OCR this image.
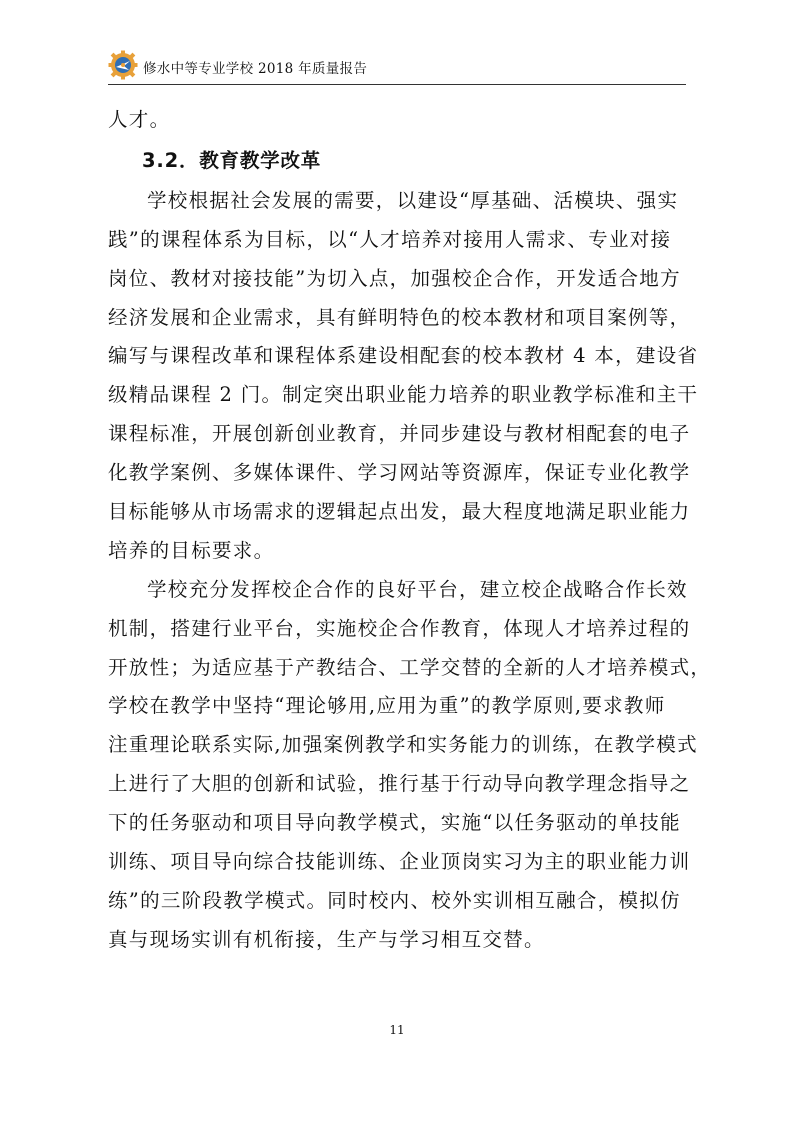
修水中等专业学校 2018 年质量报告
人才。
3.2．教育教学改革
学校根据社会发展的需要，以建设“厚基础、活模块、强实
践”的课程体系为目标，以“人才培养对接用人需求、专业对接
岗位、教材对接技能”为切入点，加强校企合作，开发适合地方
经济发展和企业需求，具有鲜明特色的校本教材和项目案例等，
编写与课程改革和课程体系建设相配套的校本教材 4 本，建设省
级精品课程 2 门。制定突出职业能力培养的职业教学标准和主干
课程标准，开展创新创业教育，并同步建设与教材相配套的电子
化教学案例、多媒体课件、学习网站等资源库，保证专业化教学
目标能够从市场需求的逻辑起点出发，最大程度地满足职业能力
培养的目标要求。
学校充分发挥校企合作的良好平台，建立校企战略合作长效
机制，搭建行业平台，实施校企合作教育，体现人才培养过程的
开放性；为适应基于产教结合、工学交替的全新的人才培养模式，
学校在教学中坚持“理论够用,应用为重”的教学原则,要求教师
注重理论联系实际,加强案例教学和实务能力的训练，在教学模式
上进行了大胆的创新和试验，推行基于行动导向教学理念指导之
下的任务驱动和项目导向教学模式，实施“以任务驱动的单技能
训练、项目导向综合技能训练、企业顶岗实习为主的职业能力训
练”的三阶段教学模式。同时校内、校外实训相互融合，模拟仿
真与现场实训有机衔接，生产与学习相互交替。
11
